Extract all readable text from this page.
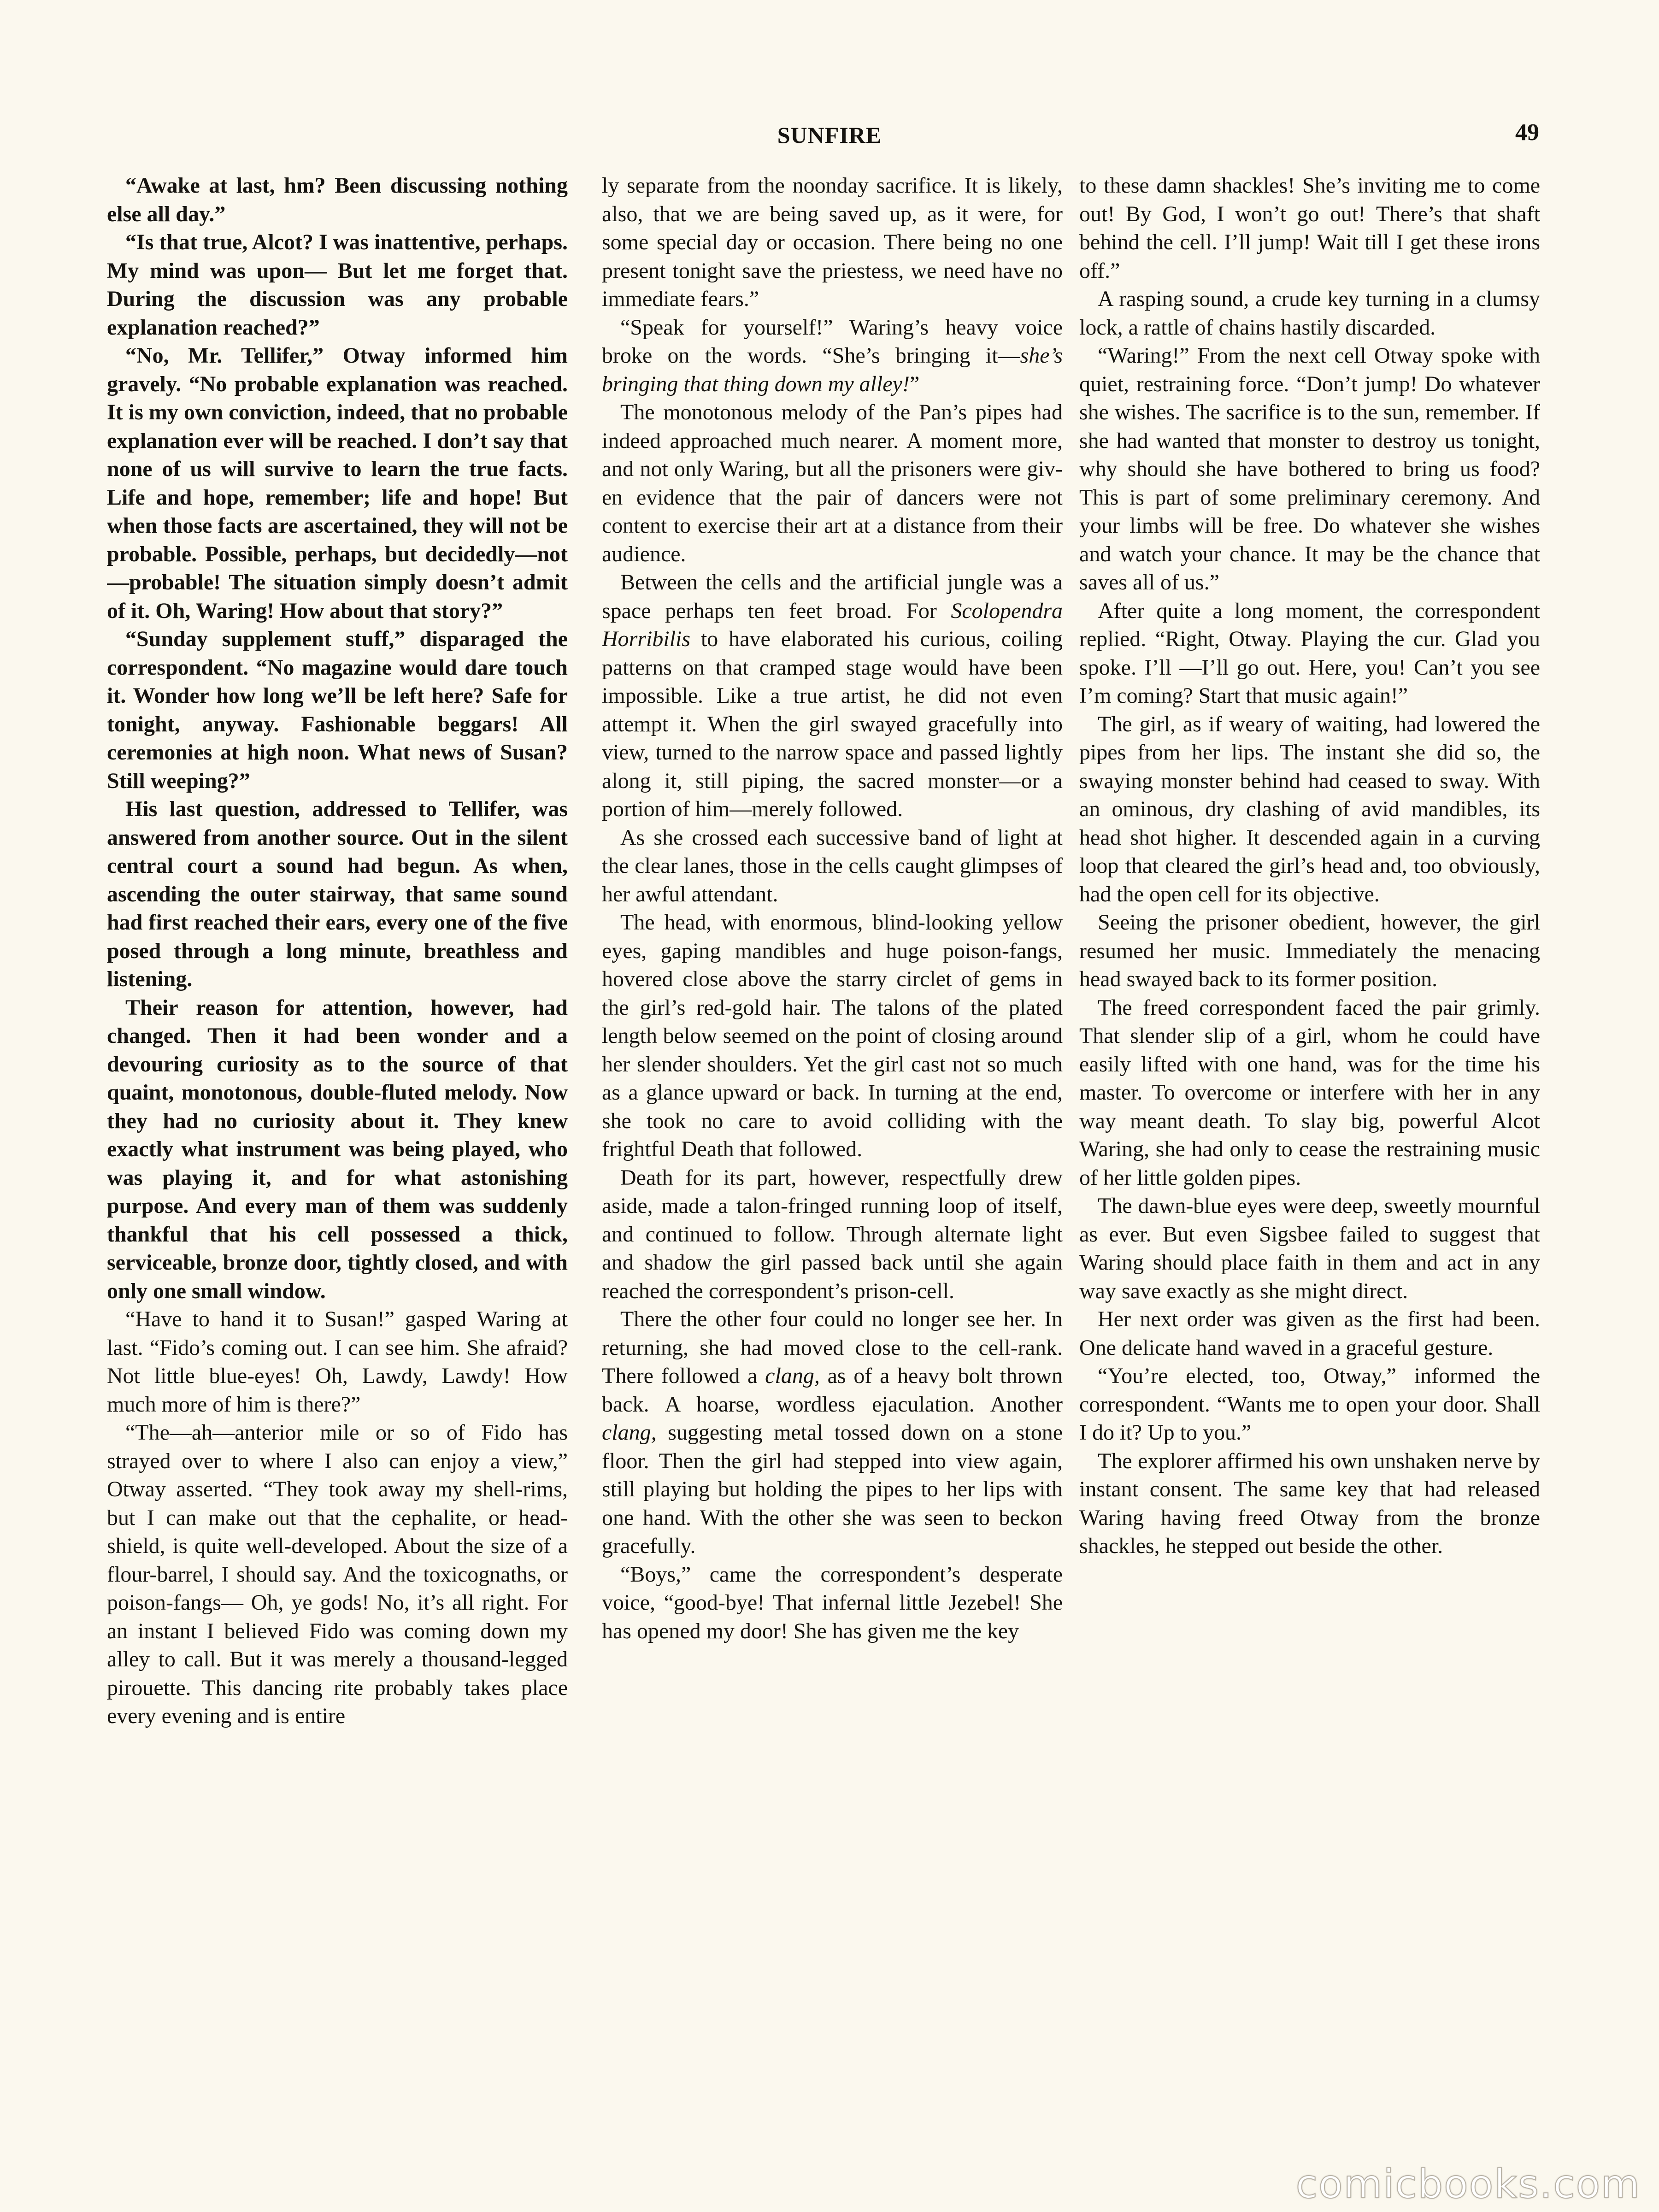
SUNFIRE	49

“Awake at last, hm? Been discussing nothing else all day.”

“Is that true, Alcot? I was inattentive, perhaps. My mind was upon— But let me forget that. During the discussion was any probable explanation reached?”

“No, Mr. Tellifer,” Otway informed him gravely. “No probable explanation was reached. It is my own conviction, indeed, that no probable explanation ever will be reached. I don’t say that none of us will survive to learn the true facts. Life and hope, remember; life and hope! But when those facts are ascertained, they will not be probable. Possible, perhaps, but decidedly—not—probable! The situation simply doesn’t admit of it. Oh, Waring! How about that story?”

“Sunday supplement stuff,” disparaged the correspondent. “No magazine would dare touch it. Wonder how long we’ll be left here? Safe for tonight, anyway. Fashionable beggars! All ceremonies at high noon. What news of Susan? Still weeping?”

His last question, addressed to Tellifer, was answered from another source. Out in the silent central court a sound had begun. As when, ascending the outer stairway, that same sound had first reached their ears, every one of the five posed through a long minute, breathless and listening.

Their reason for attention, however, had changed. Then it had been wonder and a devouring curiosity as to the source of that quaint, monotonous, double-fluted melody. Now they had no curiosity about it. They knew exactly what instrument was being played, who was playing it, and for what astonishing purpose. And every man of them was suddenly thankful that his cell possessed a thick, serviceable, bronze door, tightly closed, and with only one small window.

“Have to hand it to Susan!” gasped Waring at last. “Fido’s coming out. I can see him. She afraid? Not little blue-eyes! Oh, Lawdy, Lawdy! How much more of him is there?”

“The—ah—anterior mile or so of Fido has strayed over to where I also can enjoy a view,” Otway asserted. “They took away my shell-rims, but I can make out that the cephalite, or head-shield, is quite well-developed. About the size of a flour-barrel, I should say. And the toxicognaths, or poison-fangs— Oh, ye gods! No, it’s all right. For an instant I believed Fido was coming down my alley to call. But it was merely a thousand-legged pirouette. This dancing rite probably takes place every evening and is entire

ly separate from the noonday sacrifice. It is likely, also, that we are being saved up, as it were, for some special day or occasion. There being no one present tonight save the priestess, we need have no immediate fears.”

“Speak for yourself!” Waring’s heavy voice broke on the words. “She’s bringing it—she’s bringing that thing down my alley!”

The monotonous melody of the Pan’s pipes had indeed approached much nearer. A moment more, and not only Waring, but all the prisoners were given evidence that the pair of dancers were not content to exercise their art at a distance from their audience.

Between the cells and the artificial jungle was a space perhaps ten feet broad. For Scolopendra Horribilis to have elaborated his curious, coiling patterns on that cramped stage would have been impossible. Like a true artist, he did not even attempt it. When the girl swayed gracefully into view, turned to the narrow space and passed lightly along it, still piping, the sacred monster—or a portion of him—merely followed.

As she crossed each successive band of light at the clear lanes, those in the cells caught glimpses of her awful attendant.

The head, with enormous, blind-looking yellow eyes, gaping mandibles and huge poison-fangs, hovered close above the starry circlet of gems in the girl’s red-gold hair. The talons of the plated length below seemed on the point of closing around her slender shoulders. Yet the girl cast not so much as a glance upward or back. In turning at the end, she took no care to avoid colliding with the frightful Death that followed.

Death for its part, however, respectfully drew aside, made a talon-fringed running loop of itself, and continued to follow. Through alternate light and shadow the girl passed back until she again reached the correspondent’s prison-cell.

There the other four could no longer see her. In returning, she had moved close to the cell-rank. There followed a clang, as of a heavy bolt thrown back. A hoarse, wordless ejaculation. Another clang, suggesting metal tossed down on a stone floor. Then the girl had stepped into view again, still playing but holding the pipes to her lips with one hand. With the other she was seen to beckon gracefully.

“Boys,” came the correspondent’s desperate voice, “good-bye! That infernal little Jezebel! She has opened my door! She has given me the key

to these damn shackles! She’s inviting me to come out! By God, I won’t go out! There’s that shaft behind the cell. I’ll jump! Wait till I get these irons off.”

A rasping sound, a crude key turning in a clumsy lock, a rattle of chains hastily discarded.

“Waring!” From the next cell Otway spoke with quiet, restraining force. “Don’t jump! Do whatever she wishes. The sacrifice is to the sun, remember. If she had wanted that monster to destroy us tonight, why should she have bothered to bring us food? This is part of some preliminary ceremony. And your limbs will be free. Do whatever she wishes and watch your chance. It may be the chance that saves all of us.”

After quite a long moment, the correspondent replied. “Right, Otway. Playing the cur. Glad you spoke. I’ll —I’ll go out. Here, you! Can’t you see I’m coming? Start that music again!”

The girl, as if weary of waiting, had lowered the pipes from her lips. The instant she did so, the swaying monster behind had ceased to sway. With an ominous, dry clashing of avid mandibles, its head shot higher. It descended again in a curving loop that cleared the girl’s head and, too obviously, had the open cell for its objective.

Seeing the prisoner obedient, however, the girl resumed her music. Immediately the menacing head swayed back to its former position.

The freed correspondent faced the pair grimly. That slender slip of a girl, whom he could have easily lifted with one hand, was for the time his master. To overcome or interfere with her in any way meant death. To slay big, powerful Alcot Waring, she had only to cease the restraining music of her little golden pipes.

The dawn-blue eyes were deep, sweetly mournful as ever. But even Sigsbee failed to suggest that Waring should place faith in them and act in any way save exactly as she might direct.

Her next order was given as the first had been. One delicate hand waved in a graceful gesture.

“You’re elected, too, Otway,” informed the correspondent. “Wants me to open your door. Shall I do it? Up to you.”

The explorer affirmed his own unshaken nerve by instant consent. The same key that had released Waring having freed Otway from the bronze shackles, he stepped out beside the other.

comicbooks.com
